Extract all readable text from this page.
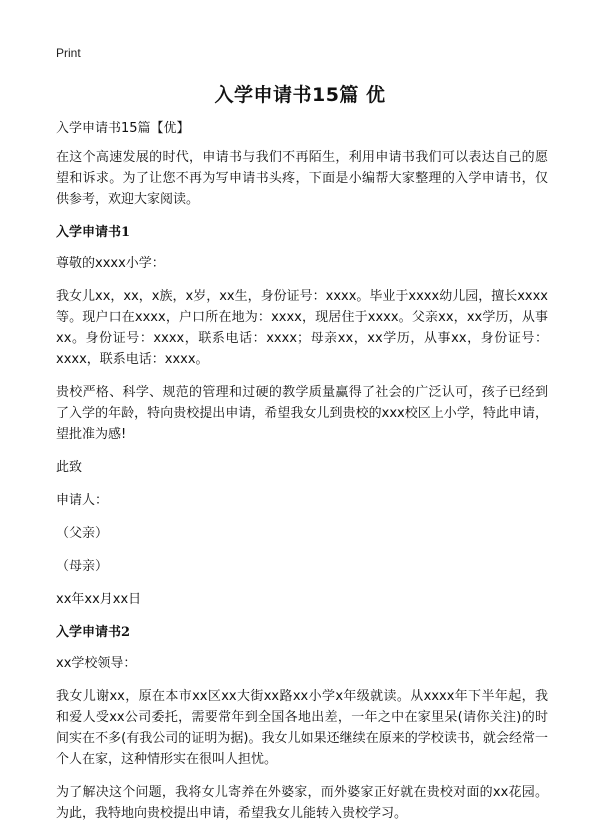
Print
入学申请书15篇 优

入学申请书15篇【优】

在这个高速发展的时代，申请书与我们不再陌生，利用申请书我们可以表达自己的愿望和诉求。为了让您不再为写申请书头疼，下面是小编帮大家整理的入学申请书，仅供参考，欢迎大家阅读。

入学申请书1

尊敬的xxxx小学：

我女儿xx，xx，x族，x岁，xx生，身份证号：xxxx。毕业于xxxx幼儿园，擅长xxxx等。现户口在xxxx，户口所在地为：xxxx，现居住于xxxx。父亲xx，xx学历，从事xx。身份证号：xxxx，联系电话：xxxx；母亲xx，xx学历，从事xx，身份证号：xxxx，联系电话：xxxx。

贵校严格、科学、规范的管理和过硬的教学质量赢得了社会的广泛认可，孩子已经到了入学的年龄，特向贵校提出申请，希望我女儿到贵校的xxx校区上小学，特此申请，望批准为感!

此致

申请人：

（父亲）

（母亲）

xx年xx月xx日

入学申请书2

xx学校领导：

我女儿谢xx，原在本市xx区xx大街xx路xx小学x年级就读。从xxxx年下半年起，我和爱人受xx公司委托，需要常年到全国各地出差，一年之中在家里呆(请你关注)的时间实在不多(有我公司的证明为据)。我女儿如果还继续在原来的学校读书，就会经常一个人在家，这种情形实在很叫人担忧。

为了解决这个问题，我将女儿寄养在外婆家，而外婆家正好就在贵校对面的xx花园。为此，我特地向贵校提出申请，希望我女儿能转入贵校学习。
